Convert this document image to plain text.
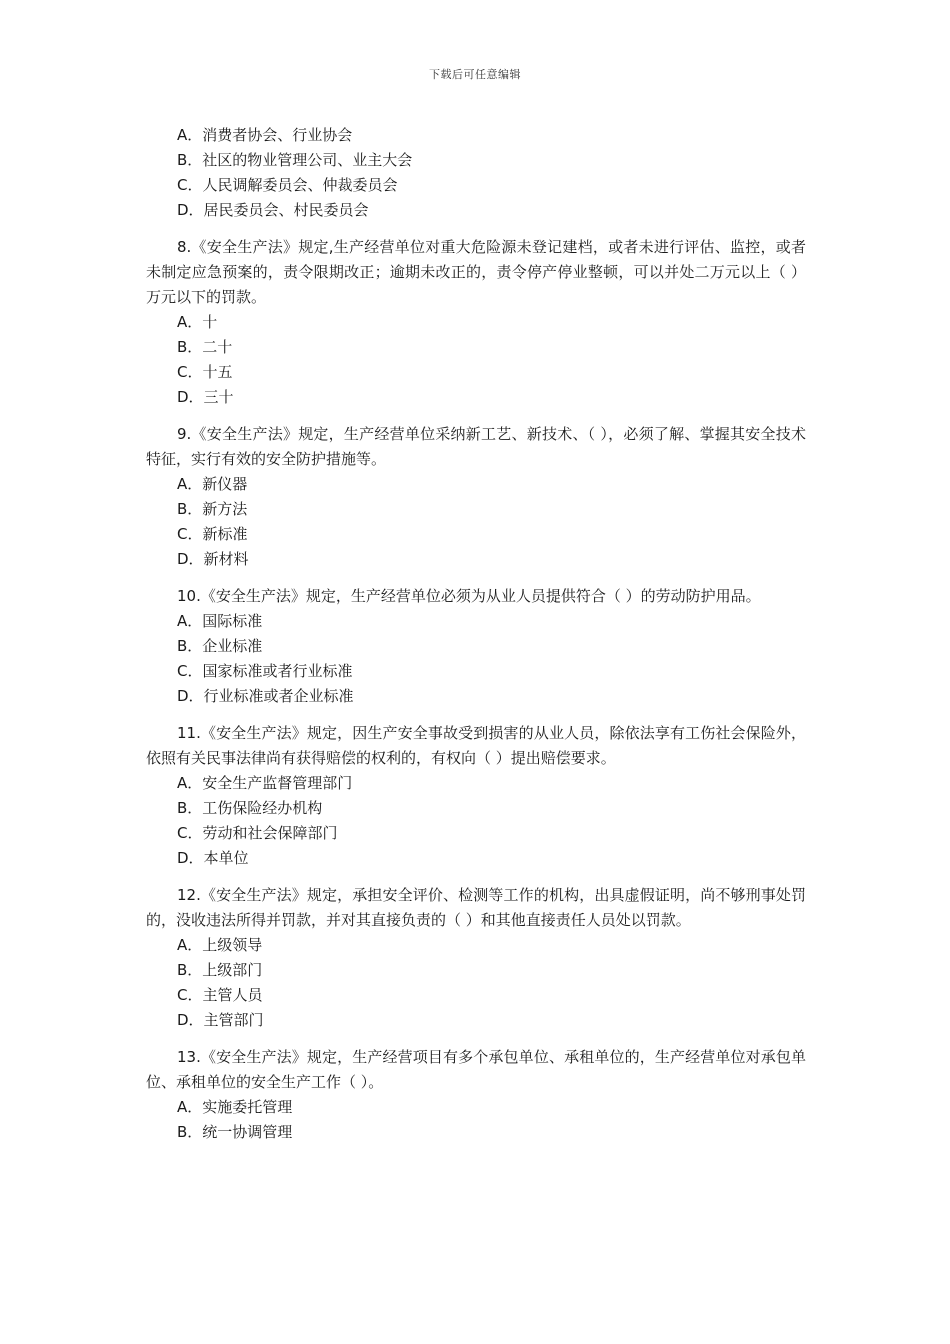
下载后可任意编辑
A．消费者协会、行业协会
B．社区的物业管理公司、业主大会
C．人民调解委员会、仲裁委员会
D．居民委员会、村民委员会
8.《安全生产法》规定,生产经营单位对重大危险源未登记建档，或者未进行评估、监控，或者未制定应急预案的，责令限期改正；逾期未改正的，责令停产停业整顿，可以并处二万元以上（ ）万元以下的罚款。
A．十
B．二十
C．十五
D．三十
9.《安全生产法》规定，生产经营单位采纳新工艺、新技术、（ ），必须了解、掌握其安全技术特征，实行有效的安全防护措施等。
A．新仪器
B．新方法
C．新标准
D．新材料
10.《安全生产法》规定，生产经营单位必须为从业人员提供符合（ ）的劳动防护用品。
A．国际标准
B．企业标准
C．国家标准或者行业标准
D．行业标准或者企业标准
11.《安全生产法》规定，因生产安全事故受到损害的从业人员，除依法享有工伤社会保险外，依照有关民事法律尚有获得赔偿的权利的，有权向（ ）提出赔偿要求。
A．安全生产监督管理部门
B．工伤保险经办机构
C．劳动和社会保障部门
D．本单位
12.《安全生产法》规定，承担安全评价、检测等工作的机构，出具虚假证明，尚不够刑事处罚的，没收违法所得并罚款，并对其直接负责的（ ）和其他直接责任人员处以罚款。
A．上级领导
B．上级部门
C．主管人员
D．主管部门
13.《安全生产法》规定，生产经营项目有多个承包单位、承租单位的，生产经营单位对承包单位、承租单位的安全生产工作（ ）。
A．实施委托管理
B．统一协调管理
